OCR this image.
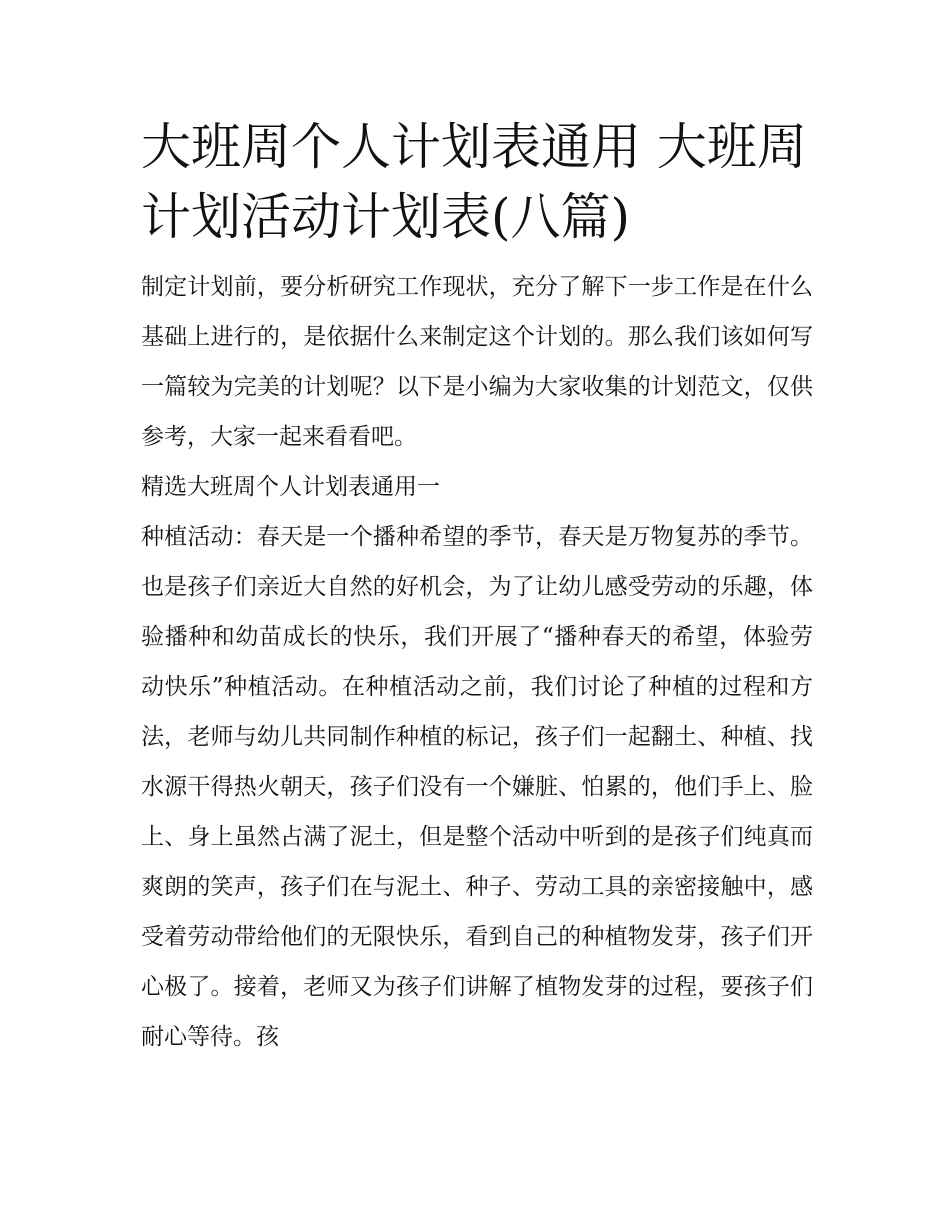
大班周个人计划表通用 大班周计划活动计划表(八篇)

制定计划前，要分析研究工作现状，充分了解下一步工作是在什么基础上进行的，是依据什么来制定这个计划的。那么我们该如何写一篇较为完美的计划呢？以下是小编为大家收集的计划范文，仅供参考，大家一起来看看吧。

精选大班周个人计划表通用一

种植活动：春天是一个播种希望的季节，春天是万物复苏的季节。也是孩子们亲近大自然的好机会，为了让幼儿感受劳动的乐趣，体验播种和幼苗成长的快乐，我们开展了“播种春天的希望，体验劳动快乐”种植活动。在种植活动之前，我们讨论了种植的过程和方法，老师与幼儿共同制作种植的标记，孩子们一起翻土、种植、找水源干得热火朝天，孩子们没有一个嫌脏、怕累的，他们手上、脸上、身上虽然占满了泥土，但是整个活动中听到的是孩子们纯真而爽朗的笑声，孩子们在与泥土、种子、劳动工具的亲密接触中，感受着劳动带给他们的无限快乐，看到自己的种植物发芽，孩子们开心极了。接着，老师又为孩子们讲解了植物发芽的过程，要孩子们耐心等待。孩
